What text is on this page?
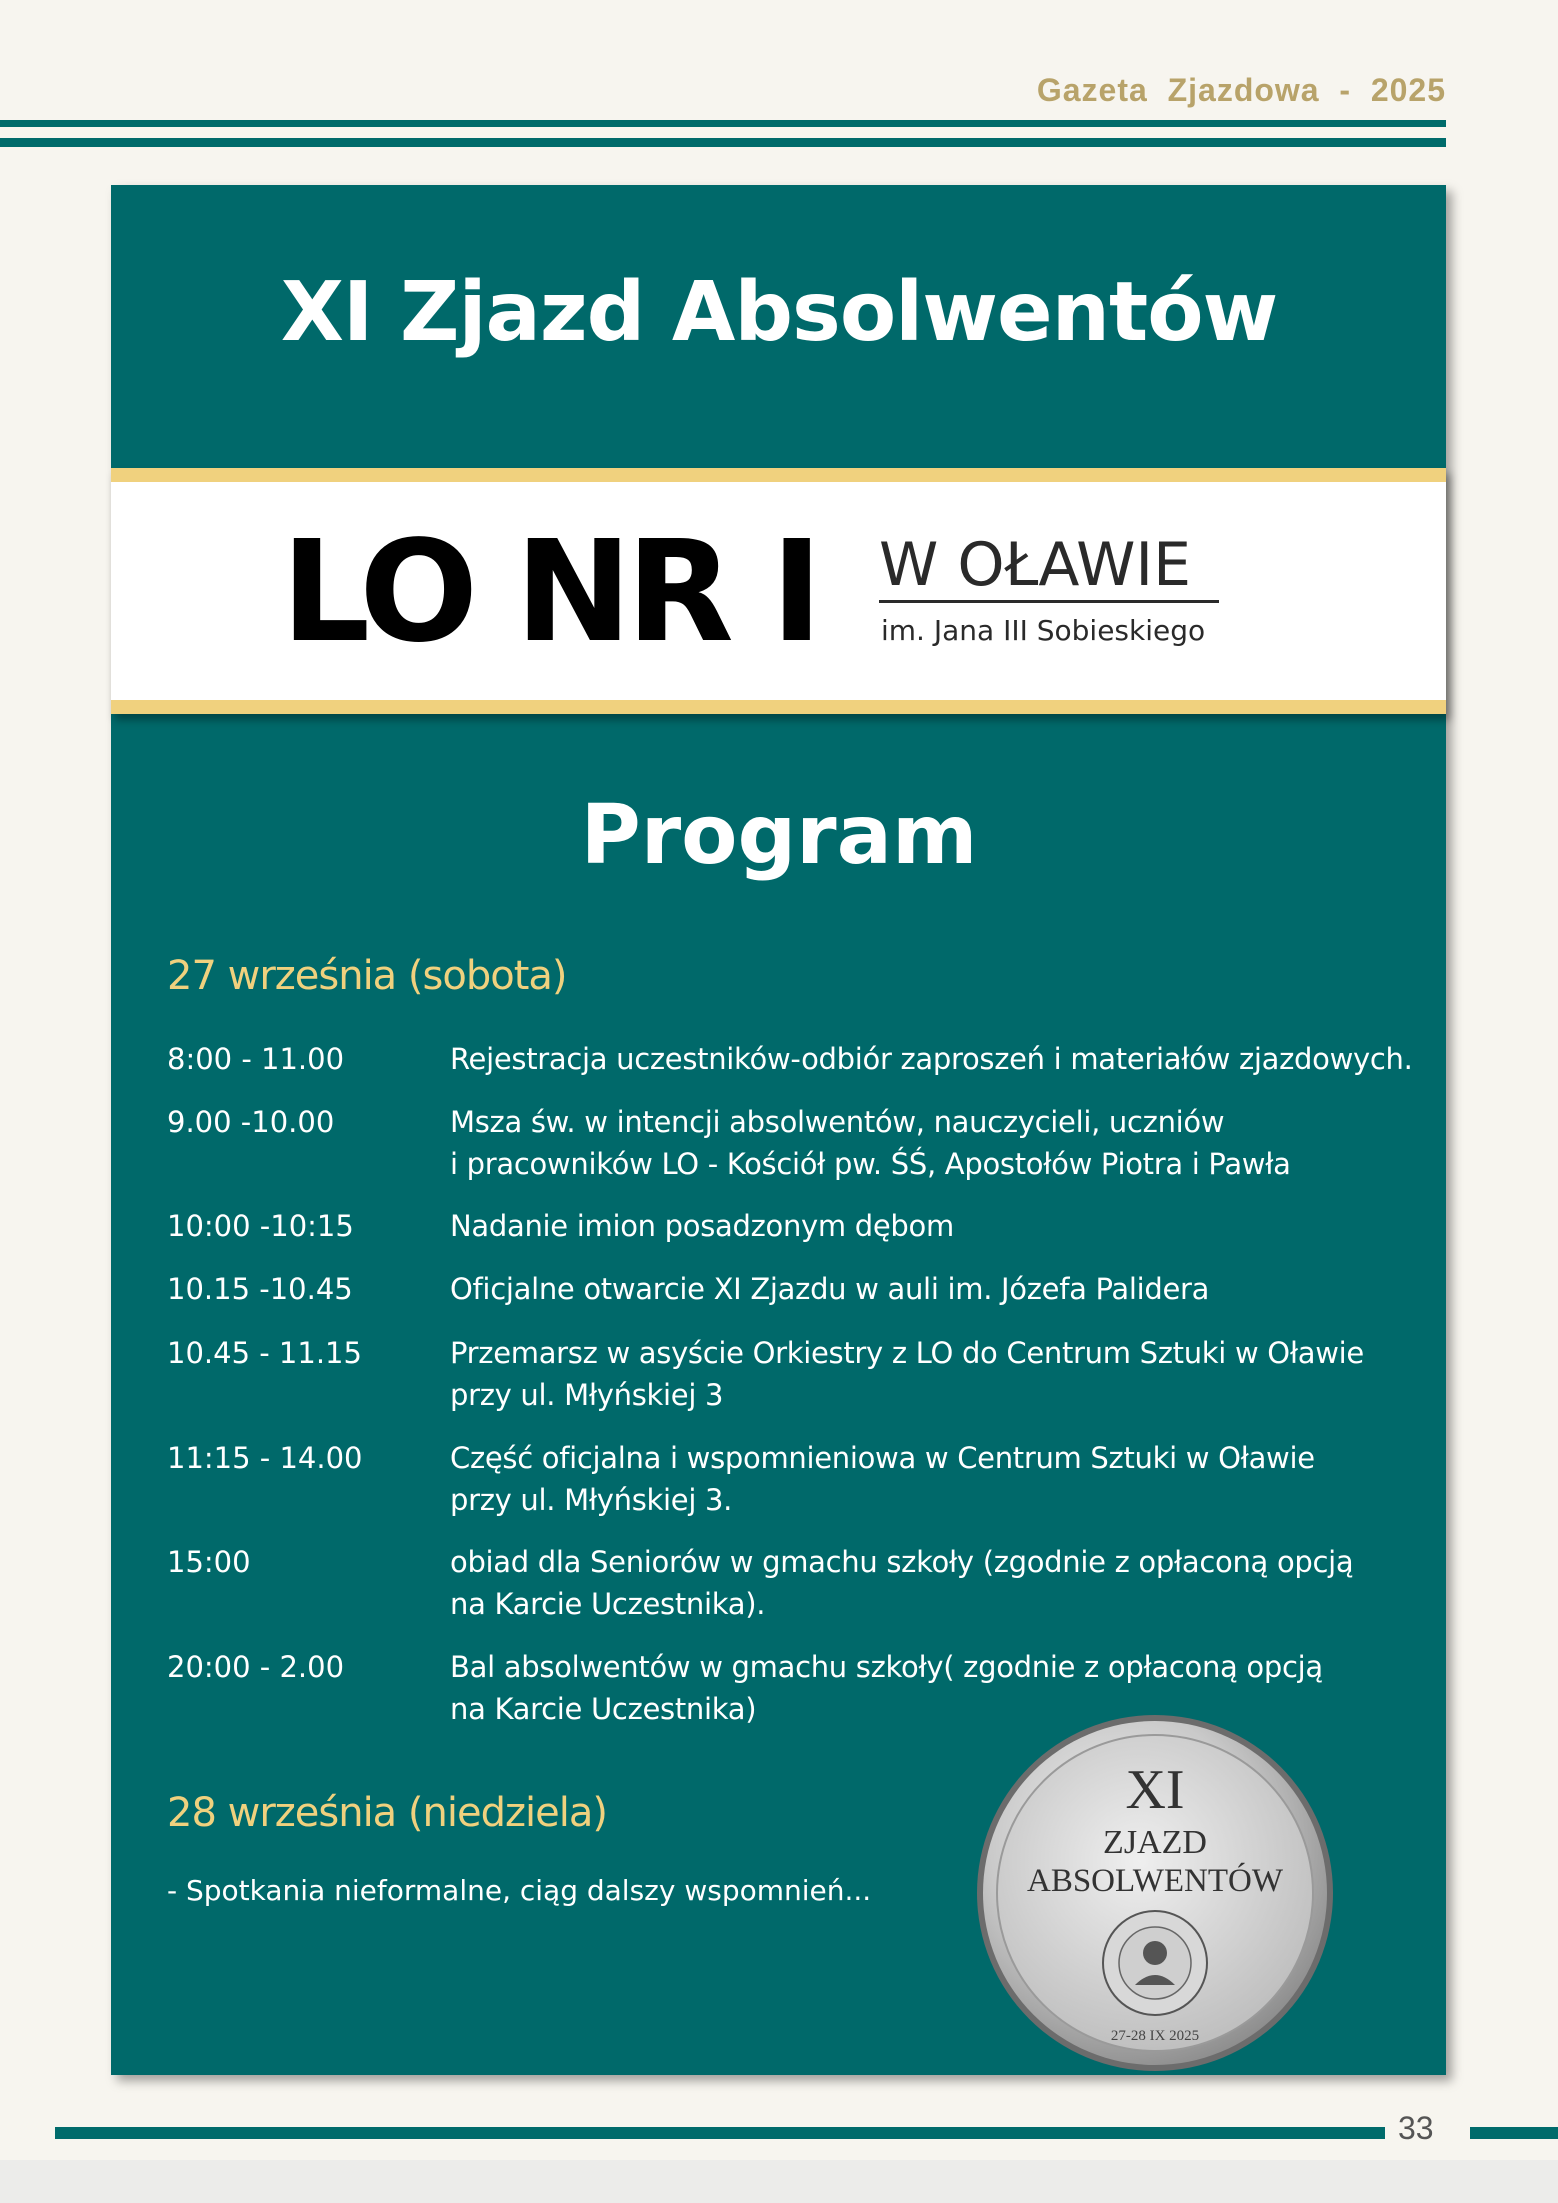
Gazeta  Zjazdowa  -  2025
XI Zjazd Absolwentów
LO NR I W OŁAWIE
im. Jana III Sobieskiego
Program
27 września (sobota)
8:00 - 11.00	Rejestracja uczestników-odbiór zaproszeń i materiałów zjazdowych.
9.00 -10.00	Msza św. w intencji absolwentów, nauczycieli, uczniów
i pracowników LO - Kościół pw. ŚŚ, Apostołów Piotra i Pawła
10:00 -10:15	Nadanie imion posadzonym dębom
10.15 -10.45	Oficjalne otwarcie XI Zjazdu w auli im. Józefa Palidera
10.45 - 11.15	Przemarsz w asyście Orkiestry z LO do Centrum Sztuki w Oławie
przy ul. Młyńskiej 3
11:15 - 14.00	Część oficjalna i wspomnieniowa w Centrum Sztuki w Oławie
przy ul. Młyńskiej 3.
15:00	obiad dla Seniorów w gmachu szkoły (zgodnie z opłaconą opcją
na Karcie Uczestnika).
20:00 - 2.00	Bal absolwentów w gmachu szkoły( zgodnie z opłaconą opcją
na Karcie Uczestnika)
28 września (niedziela)
- Spotkania nieformalne, ciąg dalszy wspomnień...
XI
ZJAZD
ABSOLWENTÓW
27-28 IX 2025
33
